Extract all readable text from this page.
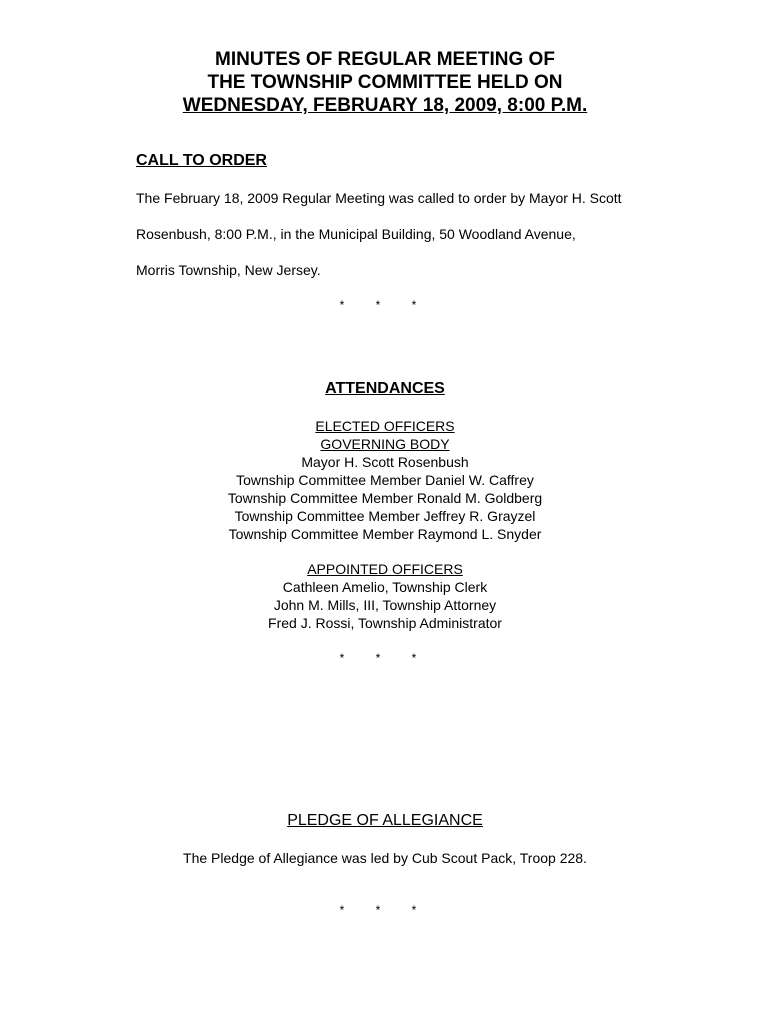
MINUTES OF REGULAR MEETING OF
THE TOWNSHIP COMMITTEE HELD ON
WEDNESDAY, FEBRUARY 18, 2009, 8:00 P.M.
CALL TO ORDER
The February 18, 2009 Regular Meeting was called to order by Mayor H. Scott
Rosenbush, 8:00 P.M., in the Municipal Building, 50 Woodland Avenue,
Morris Township, New Jersey.
* * *
ATTENDANCES
ELECTED OFFICERS
GOVERNING BODY
Mayor H. Scott Rosenbush
Township Committee Member Daniel W. Caffrey
Township Committee Member Ronald M. Goldberg
Township Committee Member Jeffrey R. Grayzel
Township Committee Member Raymond L. Snyder
APPOINTED OFFICERS
Cathleen Amelio, Township Clerk
John M. Mills, III, Township Attorney
Fred J. Rossi, Township Administrator
* * *
PLEDGE OF ALLEGIANCE
The Pledge of Allegiance was led by Cub Scout Pack, Troop 228.
* * *
